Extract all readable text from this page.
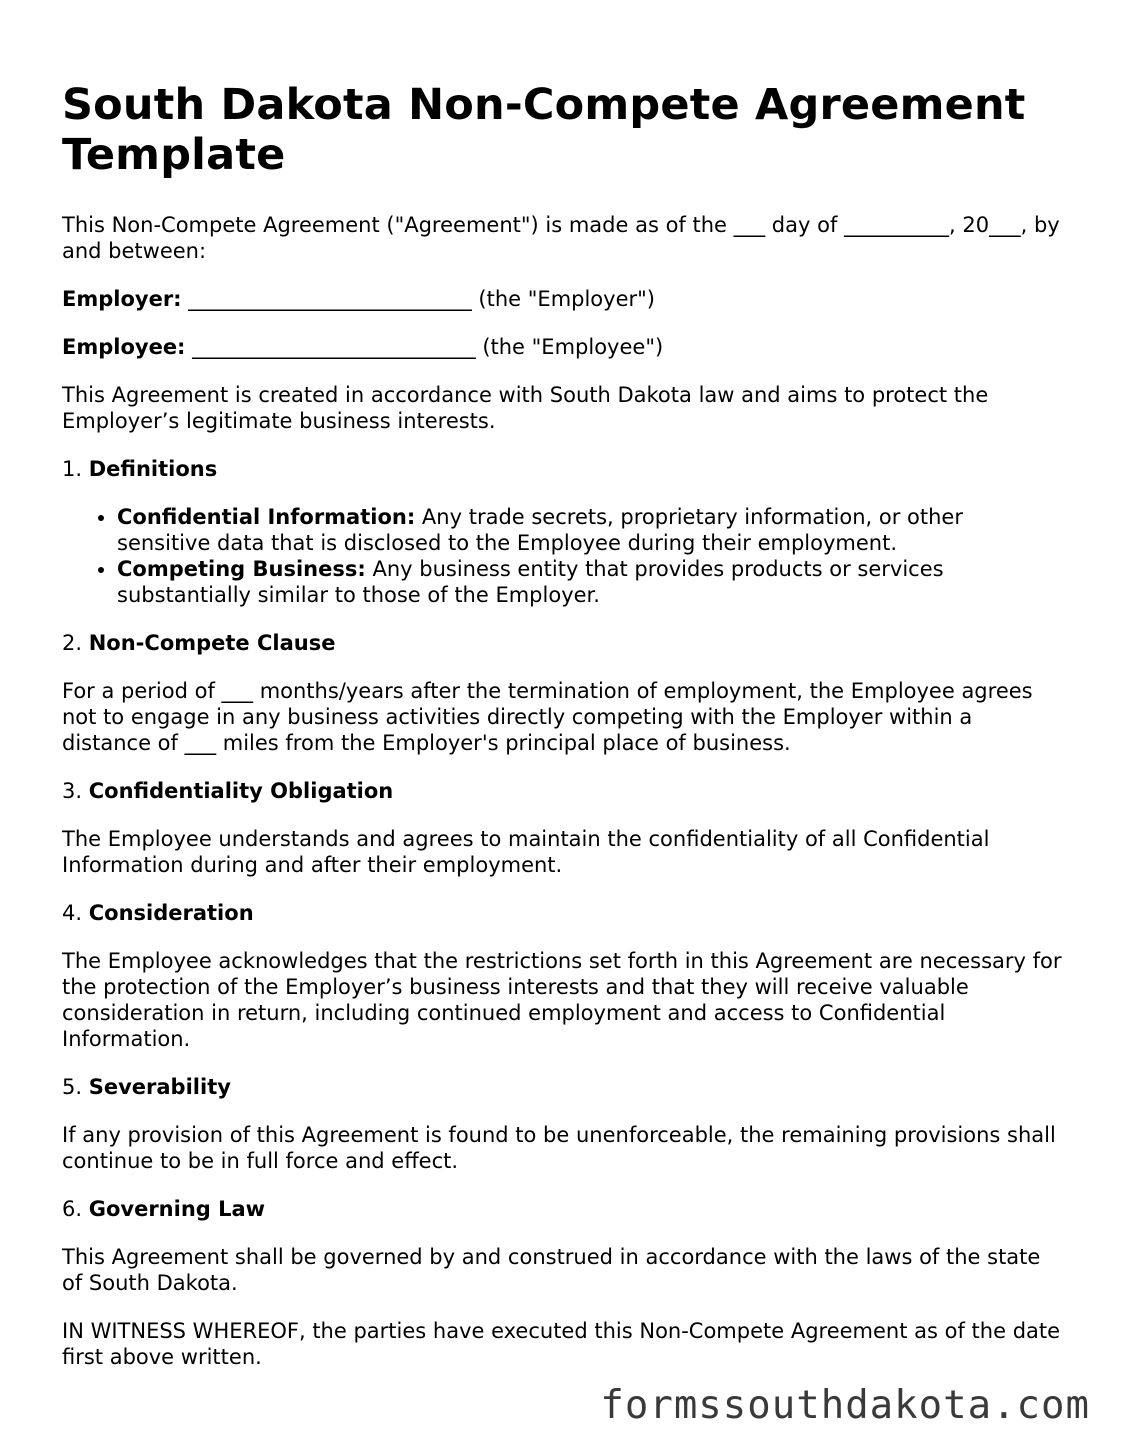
South Dakota Non-Compete Agreement Template

This Non-Compete Agreement ("Agreement") is made as of the ___ day of __________, 20___, by and between:

Employer: ___________________________ (the "Employer")

Employee: ___________________________ (the "Employee")

This Agreement is created in accordance with South Dakota law and aims to protect the Employer’s legitimate business interests.

1. Definitions
• Confidential Information: Any trade secrets, proprietary information, or other sensitive data that is disclosed to the Employee during their employment.
• Competing Business: Any business entity that provides products or services substantially similar to those of the Employer.
2. Non-Compete Clause

For a period of ___ months/years after the termination of employment, the Employee agrees not to engage in any business activities directly competing with the Employer within a distance of ___ miles from the Employer's principal place of business.

3. Confidentiality Obligation

The Employee understands and agrees to maintain the confidentiality of all Confidential Information during and after their employment.

4. Consideration

The Employee acknowledges that the restrictions set forth in this Agreement are necessary for the protection of the Employer’s business interests and that they will receive valuable consideration in return, including continued employment and access to Confidential Information.

5. Severability

If any provision of this Agreement is found to be unenforceable, the remaining provisions shall continue to be in full force and effect.

6. Governing Law

This Agreement shall be governed by and construed in accordance with the laws of the state of South Dakota.

IN WITNESS WHEREOF, the parties have executed this Non-Compete Agreement as of the date first above written.

formssouthdakota.com
